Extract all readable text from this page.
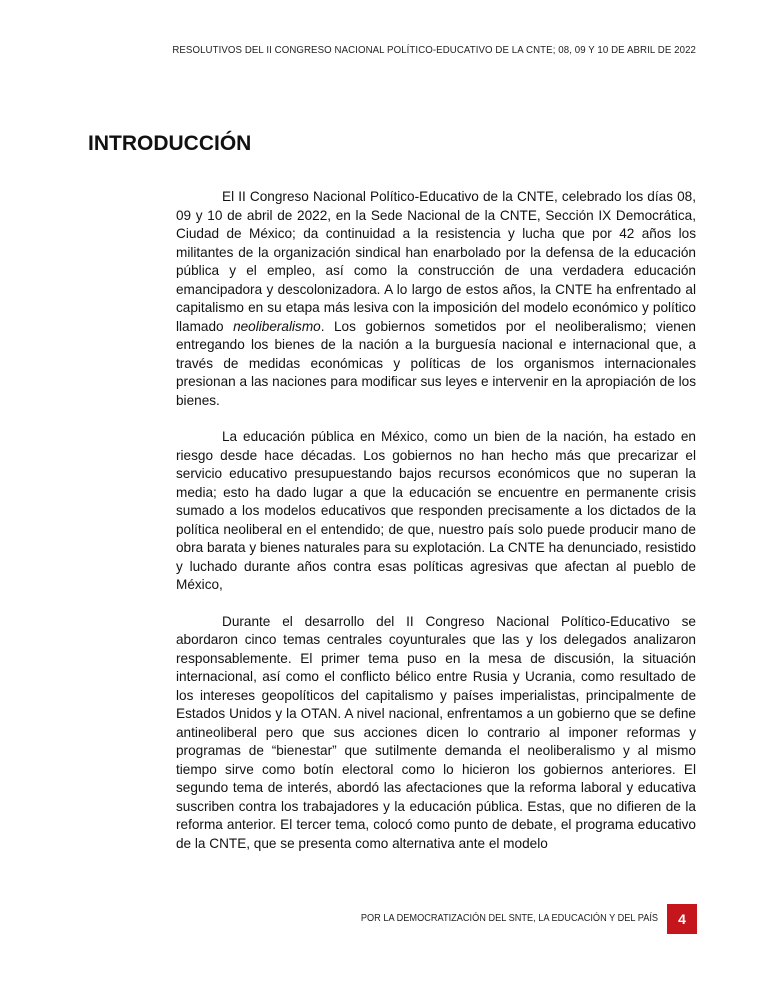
RESOLUTIVOS DEL II CONGRESO NACIONAL POLÍTICO-EDUCATIVO DE LA CNTE; 08, 09 Y 10 DE ABRIL DE 2022
INTRODUCCIÓN

El II Congreso Nacional Político-Educativo de la CNTE, celebrado los días 08, 09 y 10 de abril de 2022, en la Sede Nacional de la CNTE, Sección IX Democrática, Ciudad de México; da continuidad a la resistencia y lucha que por 42 años los militantes de la organización sindical han enarbolado por la defensa de la educación pública y el empleo, así como la construcción de una verdadera educación emancipadora y descolonizadora. A lo largo de estos años, la CNTE ha enfrentado al capitalismo en su etapa más lesiva con la imposición del modelo económico y político llamado neoliberalismo. Los gobiernos sometidos por el neoliberalismo; vienen entregando los bienes de la nación a la burguesía nacional e internacional que, a través de medidas económicas y políticas de los organismos internacionales presionan a las naciones para modificar sus leyes e intervenir en la apropiación de los bienes.

La educación pública en México, como un bien de la nación, ha estado en riesgo desde hace décadas. Los gobiernos no han hecho más que precarizar el servicio educativo presupuestando bajos recursos económicos que no superan la media; esto ha dado lugar a que la educación se encuentre en permanente crisis sumado a los modelos educativos que responden precisamente a los dictados de la política neoliberal en el entendido; de que, nuestro país solo puede producir mano de obra barata y bienes naturales para su explotación. La CNTE ha denunciado, resistido y luchado durante años contra esas políticas agresivas que afectan al pueblo de México,

Durante el desarrollo del II Congreso Nacional Político-Educativo se abordaron cinco temas centrales coyunturales que las y los delegados analizaron responsablemente. El primer tema puso en la mesa de discusión, la situación internacional, así como el conflicto bélico entre Rusia y Ucrania, como resultado de los intereses geopolíticos del capitalismo y países imperialistas, principalmente de Estados Unidos y la OTAN. A nivel nacional, enfrentamos a un gobierno que se define antineoliberal pero que sus acciones dicen lo contrario al imponer reformas y programas de “bienestar” que sutilmente demanda el neoliberalismo y al mismo tiempo sirve como botín electoral como lo hicieron los gobiernos anteriores. El segundo tema de interés, abordó las afectaciones que la reforma laboral y educativa suscriben contra los trabajadores y la educación pública. Estas, que no difieren de la reforma anterior. El tercer tema, colocó como punto de debate, el programa educativo de la CNTE, que se presenta como alternativa ante el modelo

POR LA DEMOCRATIZACIÓN DEL SNTE, LA EDUCACIÓN Y DEL PAÍS 4
